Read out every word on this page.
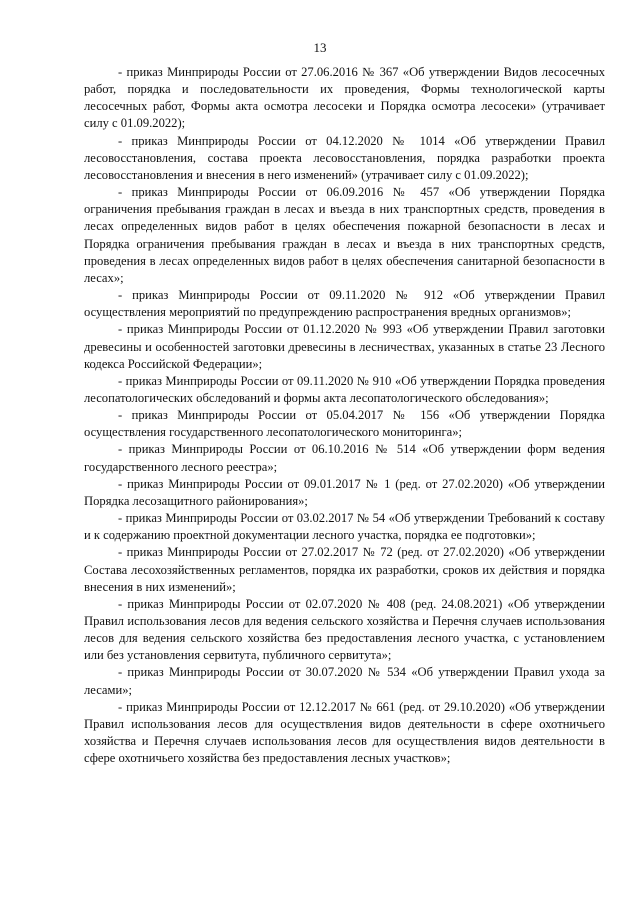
13

- приказ Минприроды России от 27.06.2016 № 367 «Об утверждении Видов лесосечных работ, порядка и последовательности их проведения, Формы технологической карты лесосечных работ, Формы акта осмотра лесосеки и Порядка осмотра лесосеки» (утрачивает силу с 01.09.2022);

- приказ Минприроды России от 04.12.2020 № 1014 «Об утверждении Правил лесовосстановления, состава проекта лесовосстановления, порядка разработки проекта лесовосстановления и внесения в него изменений» (утрачивает силу с 01.09.2022);

- приказ Минприроды России от 06.09.2016 № 457 «Об утверждении Порядка ограничения пребывания граждан в лесах и въезда в них транспортных средств, проведения в лесах определенных видов работ в целях обеспечения пожарной безопасности в лесах и Порядка ограничения пребывания граждан в лесах и въезда в них транспортных средств, проведения в лесах определенных видов работ в целях обеспечения санитарной безопасности в лесах»;

- приказ Минприроды России от 09.11.2020 № 912 «Об утверждении Правил осуществления мероприятий по предупреждению распространения вредных организмов»;

- приказ Минприроды России от 01.12.2020 № 993 «Об утверждении Правил заготовки древесины и особенностей заготовки древесины в лесничествах, указанных в статье 23 Лесного кодекса Российской Федерации»;

- приказ Минприроды России от 09.11.2020 № 910 «Об утверждении Порядка проведения лесопатологических обследований и формы акта лесопатологического обследования»;

- приказ Минприроды России от 05.04.2017 № 156 «Об утверждении Порядка осуществления государственного лесопатологического мониторинга»;

- приказ Минприроды России от 06.10.2016 № 514 «Об утверждении форм ведения государственного лесного реестра»;

- приказ Минприроды России от 09.01.2017 № 1 (ред. от 27.02.2020) «Об утверждении Порядка лесозащитного районирования»;

- приказ Минприроды России от 03.02.2017 № 54 «Об утверждении Требований к составу и к содержанию проектной документации лесного участка, порядка ее подготовки»;

- приказ Минприроды России от 27.02.2017 № 72 (ред. от 27.02.2020) «Об утверждении Состава лесохозяйственных регламентов, порядка их разработки, сроков их действия и порядка внесения в них изменений»;

- приказ Минприроды России от 02.07.2020 № 408 (ред. 24.08.2021) «Об утверждении Правил использования лесов для ведения сельского хозяйства и Перечня случаев использования лесов для ведения сельского хозяйства без предоставления лесного участка, с установлением или без установления сервитута, публичного сервитута»;

- приказ Минприроды России от 30.07.2020 № 534 «Об утверждении Правил ухода за лесами»;

- приказ Минприроды России от 12.12.2017 № 661 (ред. от 29.10.2020) «Об утверждении Правил использования лесов для осуществления видов деятельности в сфере охотничьего хозяйства и Перечня случаев использования лесов для осуществления видов деятельности в сфере охотничьего хозяйства без предоставления лесных участков»;
